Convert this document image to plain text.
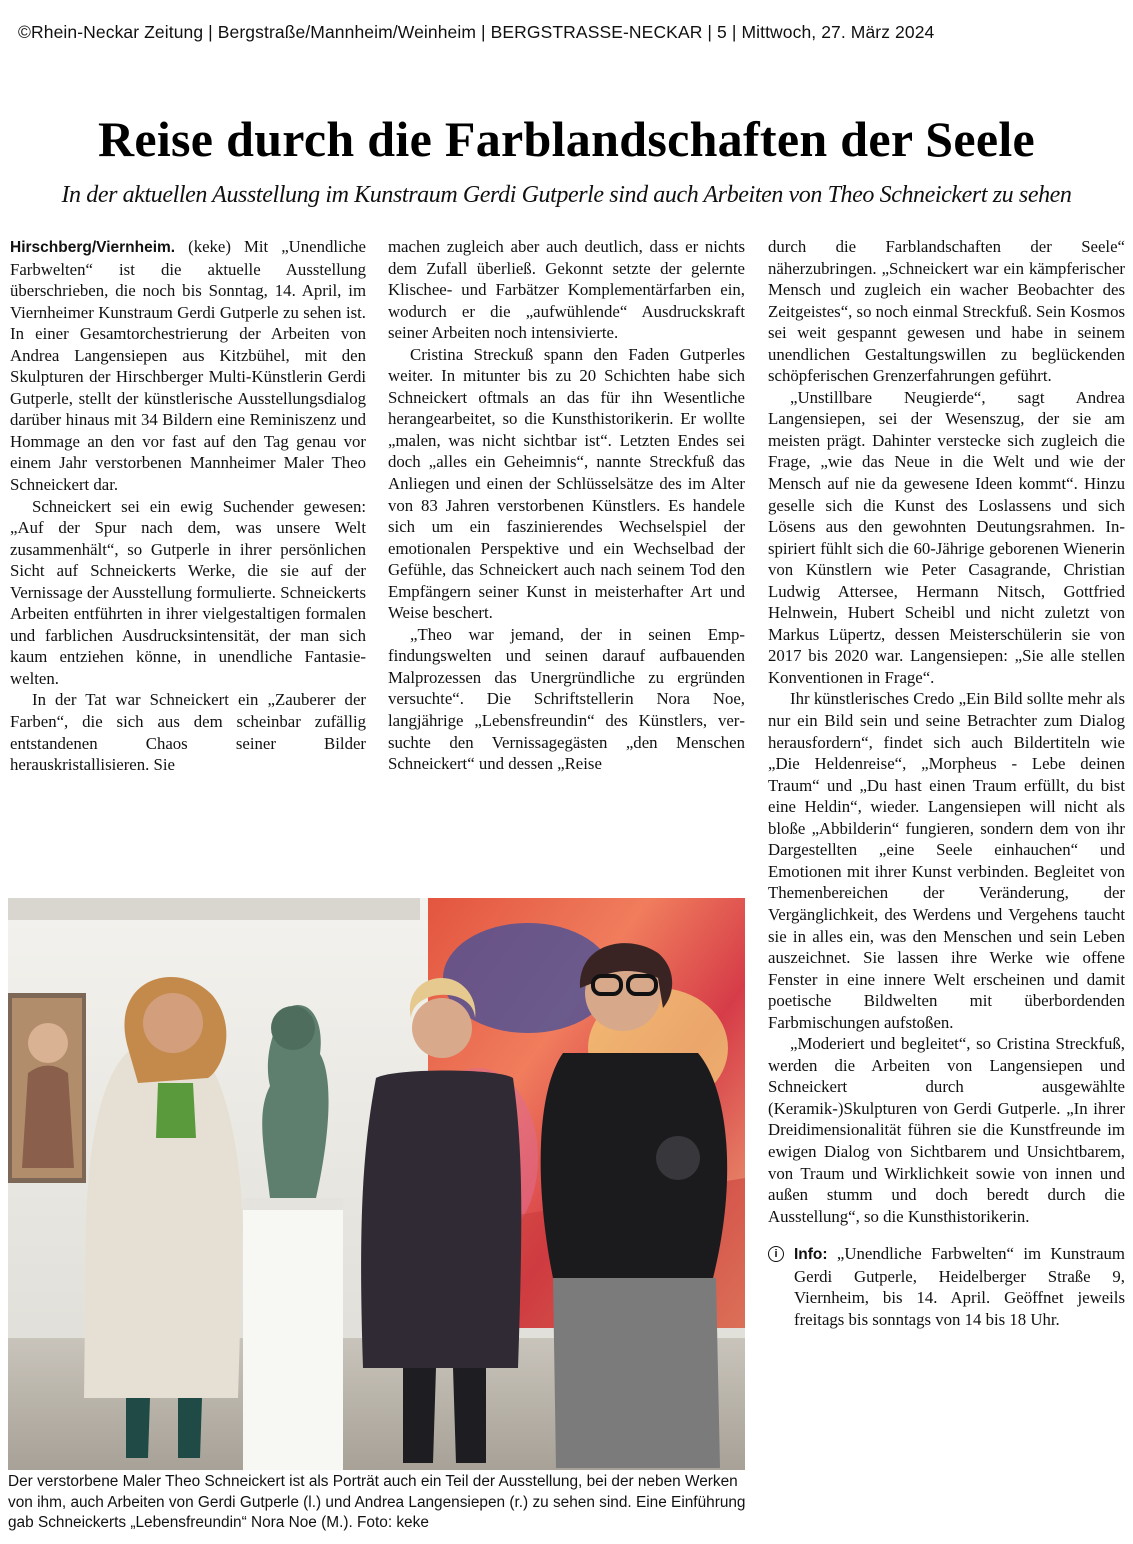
©Rhein-Neckar Zeitung | Bergstraße/Mannheim/Weinheim | BERGSTRASSE-NECKAR | 5 | Mittwoch, 27. März 2024
Reise durch die Farblandschaften der Seele
In der aktuellen Ausstellung im Kunstraum Gerdi Gutperle sind auch Arbeiten von Theo Schneickert zu sehen

Hirschberg/Viernheim. (keke) Mit „Unendliche Farbwelten“ ist die aktuelle Ausstellung überschrieben, die noch bis Sonntag, 14. April, im Viernheimer Kunstraum Gerdi Gutperle zu sehen ist. In einer Gesamtorchestrierung der Arbeiten von Andrea Langensiepen aus Kitzbühel, mit den Skulpturen der Hirschberger Multi-Künstlerin Gerdi Gutperle, stellt der künstlerische Ausstellungsdialog darüber hinaus mit 34 Bildern eine Reminiszenz und Hommage an den vor fast auf den Tag genau vor einem Jahr verstorbenen Mannheimer Maler Theo Schneickert dar.

Schneickert sei ein ewig Suchender gewesen: „Auf der Spur nach dem, was unsere Welt zusammenhält“, so Gutperle in ihrer persönlichen Sicht auf Schneickerts Werke, die sie auf der Vernissage der Ausstellung formulierte. Schneickerts Arbeiten entführten in ihrer vielgestaltigen formalen und farblichen Ausdrucksintensität, der man sich kaum entziehen könne, in unendliche Fantasiewelten.

In der Tat war Schneickert ein „Zauberer der Farben“, die sich aus dem scheinbar zufällig entstandenen Chaos seiner Bilder herauskristallisieren. Sie

machen zugleich aber auch deutlich, dass er nichts dem Zufall überließ. Gekonnt setzte der gelernte Klischee- und Farbätzer Komplementärfarben ein, wodurch er die „aufwühlende“ Ausdruckskraft seiner Arbeiten noch intensivierte.

Cristina Streckuß spann den Faden Gutperles weiter. In mitunter bis zu 20 Schichten habe sich Schneickert oftmals an das für ihn Wesentliche herangearbeitet, so die Kunsthistorikerin. Er wollte „malen, was nicht sichtbar ist“. Letzten Endes sei doch „alles ein Geheimnis“, nannte Streckfuß das Anliegen und einen der Schlüsselsätze des im Alter von 83 Jahren verstorbenen Künstlers. Es handele sich um ein faszinierendes Wechselspiel der emotionalen Perspektive und ein Wechselbad der Gefühle, das Schneickert auch nach seinem Tod den Empfängern seiner Kunst in meisterhafter Art und Weise beschert.

„Theo war jemand, der in seinen Empfindungswelten und seinen darauf aufbauenden Malprozessen das Unergründliche zu ergründen versuchte“. Die Schriftstellerin Nora Noe, langjährige „Lebensfreundin“ des Künstlers, versuchte den Vernissagegästen „den Menschen Schneickert“ und dessen „Reise

durch die Farblandschaften der Seele“ näherzubringen. „Schneickert war ein kämpferischer Mensch und zugleich ein wacher Beobachter des Zeitgeistes“, so noch einmal Streckfuß. Sein Kosmos sei weit gespannt gewesen und habe in seinem unendlichen Gestaltungswillen zu beglückenden schöpferischen Grenzerfahrungen geführt.

„Unstillbare Neugierde“, sagt Andrea Langensiepen, sei der Wesenszug, der sie am meisten prägt. Dahinter verstecke sich zugleich die Frage, „wie das Neue in die Welt und wie der Mensch auf nie da gewesene Ideen kommt“. Hinzu geselle sich die Kunst des Loslassens und sich Lösens aus den gewohnten Deutungsrahmen. Inspiriert fühlt sich die 60-Jährige geborenen Wienerin von Künstlern wie Peter Casagrande, Christian Ludwig Attersee, Hermann Nitsch, Gottfried Helnwein, Hubert Scheibl und nicht zuletzt von Markus Lüpertz, dessen Meisterschülerin sie von 2017 bis 2020 war. Langensiepen: „Sie alle stellen Konventionen in Frage“.

Ihr künstlerisches Credo „Ein Bild sollte mehr als nur ein Bild sein und seine Betrachter zum Dialog herausfordern“, findet sich auch Bildertiteln wie „Die Heldenreise“, „Morpheus - Lebe deinen Traum“ und „Du hast einen Traum erfüllt, du bist eine Heldin“, wieder. Langensiepen will nicht als bloße „Abbilderin“ fungieren, sondern dem von ihr Dargestellten „eine Seele einhauchen“ und Emotionen mit ihrer Kunst verbinden. Begleitet von Themenbereichen der Veränderung, der Vergänglichkeit, des Werdens und Vergehens taucht sie in alles ein, was den Menschen und sein Leben auszeichnet. Sie lassen ihre Werke wie offene Fenster in eine innere Welt erscheinen und damit poetische Bildwelten mit überbordenden Farbmischungen aufstoßen.

„Moderiert und begleitet“, so Cristina Streckfuß, werden die Arbeiten von Langensiepen und Schneickert durch ausgewählte (Keramik-)Skulpturen von Gerdi Gutperle. „In ihrer Dreidimensionalität führen sie die Kunstfreunde im ewigen Dialog von Sichtbarem und Unsichtbarem, von Traum und Wirklichkeit sowie von innen und außen stumm und doch beredt durch die Ausstellung“, so die Kunsthistorikerin.

i	Info: „Unendliche Farbwelten“ im Kunstraum Gerdi Gutperle, Heidelberger Straße 9, Viernheim, bis 14. April. Geöffnet jeweils freitags bis sonntags von 14 bis 18 Uhr.
Der verstorbene Maler Theo Schneickert ist als Porträt auch ein Teil der Ausstellung, bei der neben Werken von ihm, auch Arbeiten von Gerdi Gutperle (l.) und Andrea Langensiepen (r.) zu sehen sind. Eine Einführung gab Schneickerts „Lebensfreundin“ Nora Noe (M.). Foto: keke
